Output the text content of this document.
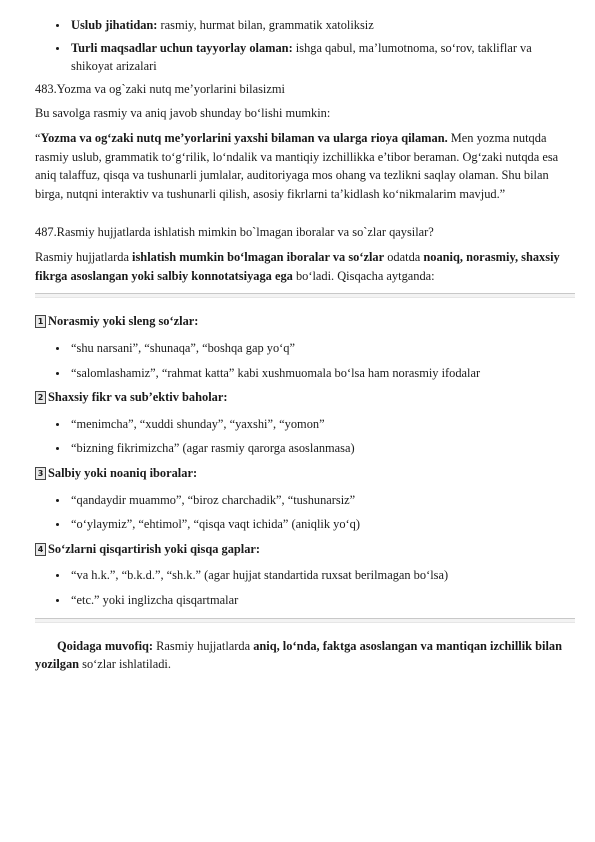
Uslub jihatidan: rasmiy, hurmat bilan, grammatik xatoliksiz
Turli maqsadlar uchun tayyorlay olaman: ishga qabul, ma’lumotnoma, so‘rov, takliflar va shikoyat arizalari

483.Yozma va og`zaki nutq me’yorlarini bilasizmi

Bu savolga rasmiy va aniq javob shunday bo‘lishi mumkin:

“Yozma va og‘zaki nutq me’yorlarini yaxshi bilaman va ularga rioya qilaman. Men yozma nutqda rasmiy uslub, grammatik to‘g‘rilik, lo‘ndalik va mantiqiy izchillikka e’tibor beraman. Og‘zaki nutqda esa aniq talaffuz, qisqa va tushunarli jumlalar, auditoriyaga mos ohang va tezlikni saqlay olaman. Shu bilan birga, nutqni interaktiv va tushunarli qilish, asosiy fikrlarni ta’kidlash ko‘nikmalarim mavjud.”

487.Rasmiy hujjatlarda ishlatish mimkin bo`lmagan iboralar va so`zlar qaysilar?

Rasmiy hujjatlarda ishlatish mumkin bo‘lmagan iboralar va so‘zlar odatda noaniq, norasmiy, shaxsiy fikrga asoslangan yoki salbiy konnotatsiyaga ega bo‘ladi. Qisqacha aytganda:

1 Norasmiy yoki sleng so‘zlar:
“shu narsani”, “shunaqa”, “boshqa gap yo‘q”
“salomlashamiz”, “rahmat katta” kabi xushmuomala bo‘lsa ham norasmiy ifodalar
2 Shaxsiy fikr va sub’ektiv baholar:
“menimcha”, “xuddi shunday”, “yaxshi”, “yomon”
“bizning fikrimizcha” (agar rasmiy qarorga asoslanmasa)
3 Salbiy yoki noaniq iboralar:
“qandaydir muammo”, “biroz charchadik”, “tushunarsiz”
“o‘ylaymiz”, “ehtimol”, “qisqa vaqt ichida” (aniqlik yo‘q)
4 So‘zlarni qisqartirish yoki qisqa gaplar:
“va h.k.”, “b.k.d.”, “sh.k.” (agar hujjat standartida ruxsat berilmagan bo‘lsa)
“etc.” yoki inglizcha qisqartmalar

Qoidaga muvofiq: Rasmiy hujjatlarda aniq, lo‘nda, faktga asoslangan va mantiqan izchillik bilan yozilgan so‘zlar ishlatiladi.
